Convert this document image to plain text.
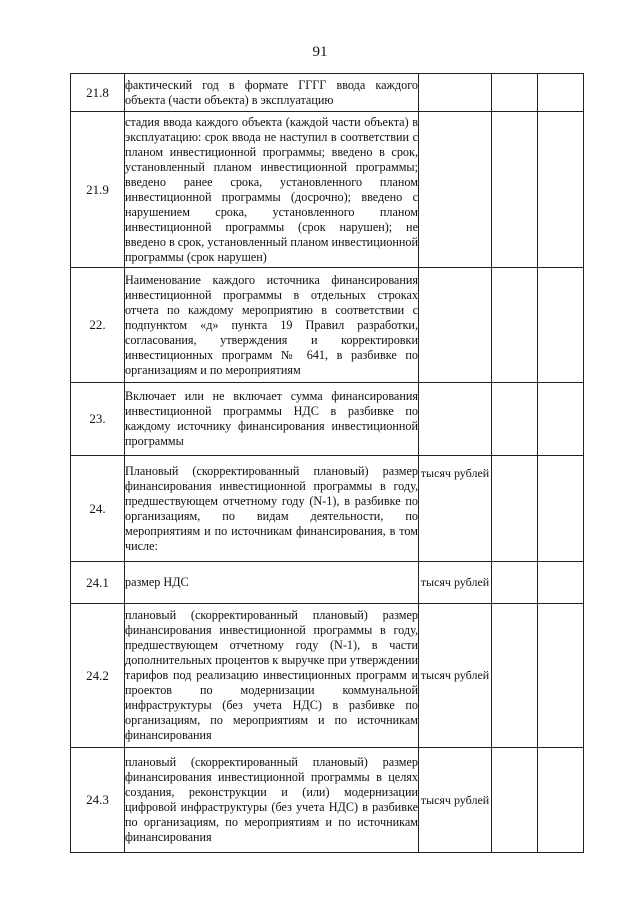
91
21.8	фактический год в формате ГГГГ ввода каждого объекта (части объекта) в эксплуатацию			
21.9	стадия ввода каждого объекта (каждой части объекта) в эксплуатацию: срок ввода не наступил в соответствии с планом инвестиционной программы; введено в срок, установленный планом инвестиционной программы; введено ранее срока, установленного планом инвестиционной программы (досрочно); введено с нарушением срока, установленного планом инвестиционной программы (срок нарушен); не введено в срок, установленный планом инвестиционной программы (срок нарушен)			
22.	Наименование каждого источника финансирования инвестиционной программы в отдельных строках отчета по каждому мероприятию в соответствии с подпунктом «д» пункта 19 Правил разработки, согласования, утверждения и корректировки инвестиционных программ № 641, в разбивке по организациям и по мероприятиям			
23.	Включает или не включает сумма финансирования инвестиционной программы НДС в разбивке по каждому источнику финансирования инвестиционной программы			
24.	Плановый (скорректированный плановый) размер финансирования инвестиционной программы в году, предшествующем отчетному году (N-1), в разбивке по организациям, по видам деятельности, по мероприятиям и по источникам финансирования, в том числе:	тысяч рублей		
24.1	размер НДС	тысяч рублей		
24.2	плановый (скорректированный плановый) размер финансирования инвестиционной программы в году, предшествующем отчетному году (N-1), в части дополнительных процентов к выручке при утверждении тарифов под реализацию инвестиционных программ и проектов по модернизации коммунальной инфраструктуры (без учета НДС) в разбивке по организациям, по мероприятиям и по источникам финансирования	тысяч рублей		
24.3	плановый (скорректированный плановый) размер финансирования инвестиционной программы в целях создания, реконструкции и (или) модернизации цифровой инфраструктуры (без учета НДС) в разбивке по организациям, по мероприятиям и по источникам финансирования	тысяч рублей		
